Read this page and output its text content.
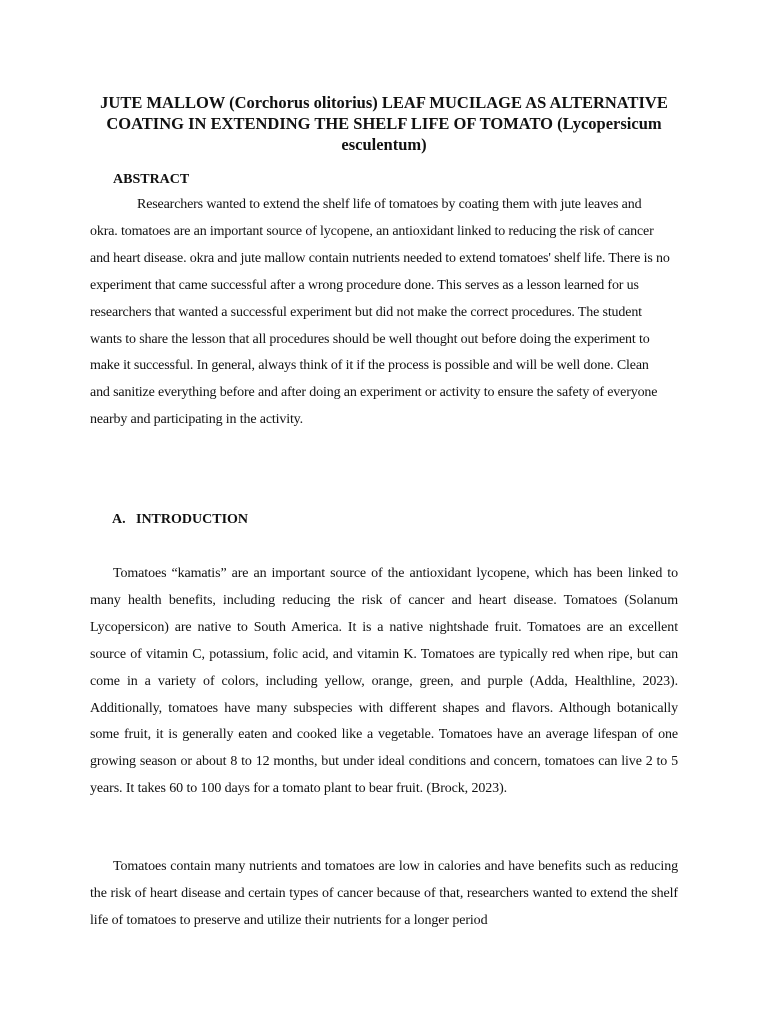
JUTE MALLOW (Corchorus olitorius) LEAF MUCILAGE AS ALTERNATIVE COATING IN EXTENDING THE SHELF LIFE OF TOMATO (Lycopersicum esculentum)
ABSTRACT

Researchers wanted to extend the shelf life of tomatoes by coating them with jute leaves and okra. tomatoes are an important source of lycopene, an antioxidant linked to reducing the risk of cancer and heart disease. okra and jute mallow contain nutrients needed to extend tomatoes' shelf life. There is no experiment that came successful after a wrong procedure done. This serves as a lesson learned for us researchers that wanted a successful experiment but did not make the correct procedures. The student wants to share the lesson that all procedures should be well thought out before doing the experiment to make it successful. In general, always think of it if the process is possible and will be well done. Clean and sanitize everything before and after doing an experiment or activity to ensure the safety of everyone nearby and participating in the activity.

A. INTRODUCTION

Tomatoes “kamatis” are an important source of the antioxidant lycopene, which has been linked to many health benefits, including reducing the risk of cancer and heart disease. Tomatoes (Solanum Lycopersicon) are native to South America. It is a native nightshade fruit. Tomatoes are an excellent source of vitamin C, potassium, folic acid, and vitamin K. Tomatoes are typically red when ripe, but can come in a variety of colors, including yellow, orange, green, and purple (Adda, Healthline, 2023). Additionally, tomatoes have many subspecies with different shapes and flavors. Although botanically some fruit, it is generally eaten and cooked like a vegetable. Tomatoes have an average lifespan of one growing season or about 8 to 12 months, but under ideal conditions and concern, tomatoes can live 2 to 5 years. It takes 60 to 100 days for a tomato plant to bear fruit. (Brock, 2023).

Tomatoes contain many nutrients and tomatoes are low in calories and have benefits such as reducing the risk of heart disease and certain types of cancer because of that, researchers wanted to extend the shelf life of tomatoes to preserve and utilize their nutrients for a longer period
